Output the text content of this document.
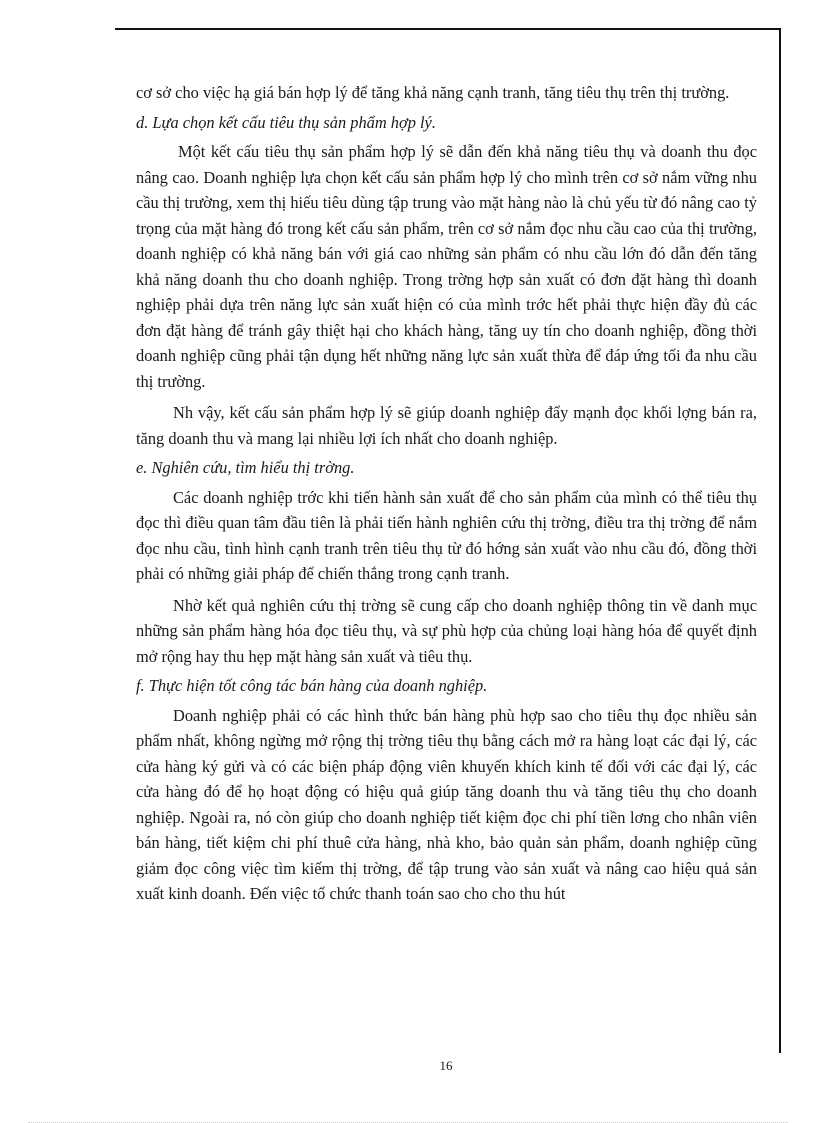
cơ sở cho việc hạ giá bán hợp lý để tăng khả năng cạnh tranh, tăng tiêu thụ trên thị trường.

d. Lựa chọn kết cấu tiêu thụ sản phẩm hợp lý.

Một kết cấu tiêu thụ sản phẩm hợp lý sẽ dẫn đến khả năng tiêu thụ và doanh thu đọc nâng cao. Doanh nghiệp lựa chọn kết cấu sản phẩm hợp lý cho mình trên cơ sở nắm vững nhu cầu thị trường, xem thị hiếu tiêu dùng tập trung vào mặt hàng nào là chủ yếu từ đó nâng cao tỷ trọng của mặt hàng đó trong kết cấu sản phẩm, trên cơ sở nắm đọc nhu cầu cao của thị trường, doanh nghiệp có khả năng bán với giá cao những sản phẩm có nhu cầu lớn đó dẫn đến tăng khả năng doanh thu cho doanh nghiệp. Trong trờng hợp sản xuất có đơn đặt hàng thì doanh nghiệp phải dựa trên năng lực sản xuất hiện có của mình trớc hết phải thực hiện đầy đủ các đơn đặt hàng để tránh gây thiệt hại cho khách hàng, tăng uy tín cho doanh nghiệp, đồng thời doanh nghiệp cũng phải tận dụng hết những năng lực sản xuất thừa để đáp ứng tối đa nhu cầu thị trường.

Nh vậy, kết cấu sản phẩm hợp lý sẽ giúp doanh nghiệp đẩy mạnh đọc khối lợng bán ra, tăng doanh thu và mang lại nhiều lợi ích nhất cho doanh nghiệp.

e. Nghiên cứu, tìm hiểu thị trờng.

Các doanh nghiệp trớc khi tiến hành sản xuất để cho sản phẩm của mình có thể tiêu thụ đọc thì điều quan tâm đầu tiên là phải tiến hành nghiên cứu thị trờng, điều tra thị trờng để nắm đọc nhu cầu, tình hình cạnh tranh trên tiêu thụ từ đó hớng sản xuất vào nhu cầu đó, đồng thời phải có những giải pháp để chiến thắng trong cạnh tranh.

Nhờ kết quả nghiên cứu thị trờng sẽ cung cấp cho doanh nghiệp thông tin về danh mục những sản phẩm hàng hóa đọc tiêu thụ, và sự phù hợp của chủng loại hàng hóa để quyết định mở rộng hay thu hẹp mặt hàng sản xuất và tiêu thụ.

f. Thực hiện tốt công tác bán hàng của doanh nghiệp.

Doanh nghiệp phải có các hình thức bán hàng phù hợp sao cho tiêu thụ đọc nhiều sản phẩm nhất, không ngừng mở rộng thị trờng tiêu thụ bằng cách mở ra hàng loạt các đại lý, các cửa hàng ký gửi và có các biện pháp động viên khuyến khích kinh tế đối với các đại lý, các cửa hàng đó để họ hoạt động có hiệu quả giúp tăng doanh thu và tăng tiêu thụ cho doanh nghiệp. Ngoài ra, nó còn giúp cho doanh nghiệp tiết kiệm đọc chi phí tiền lơng cho nhân viên bán hàng, tiết kiệm chi phí thuê cửa hàng, nhà kho, bảo quản sản phẩm, doanh nghiệp cũng giảm đọc công việc tìm kiếm thị trờng, để tập trung vào sản xuất và nâng cao hiệu quả sản xuất kinh doanh. Đến việc tổ chức thanh toán sao cho cho thu hút

16
